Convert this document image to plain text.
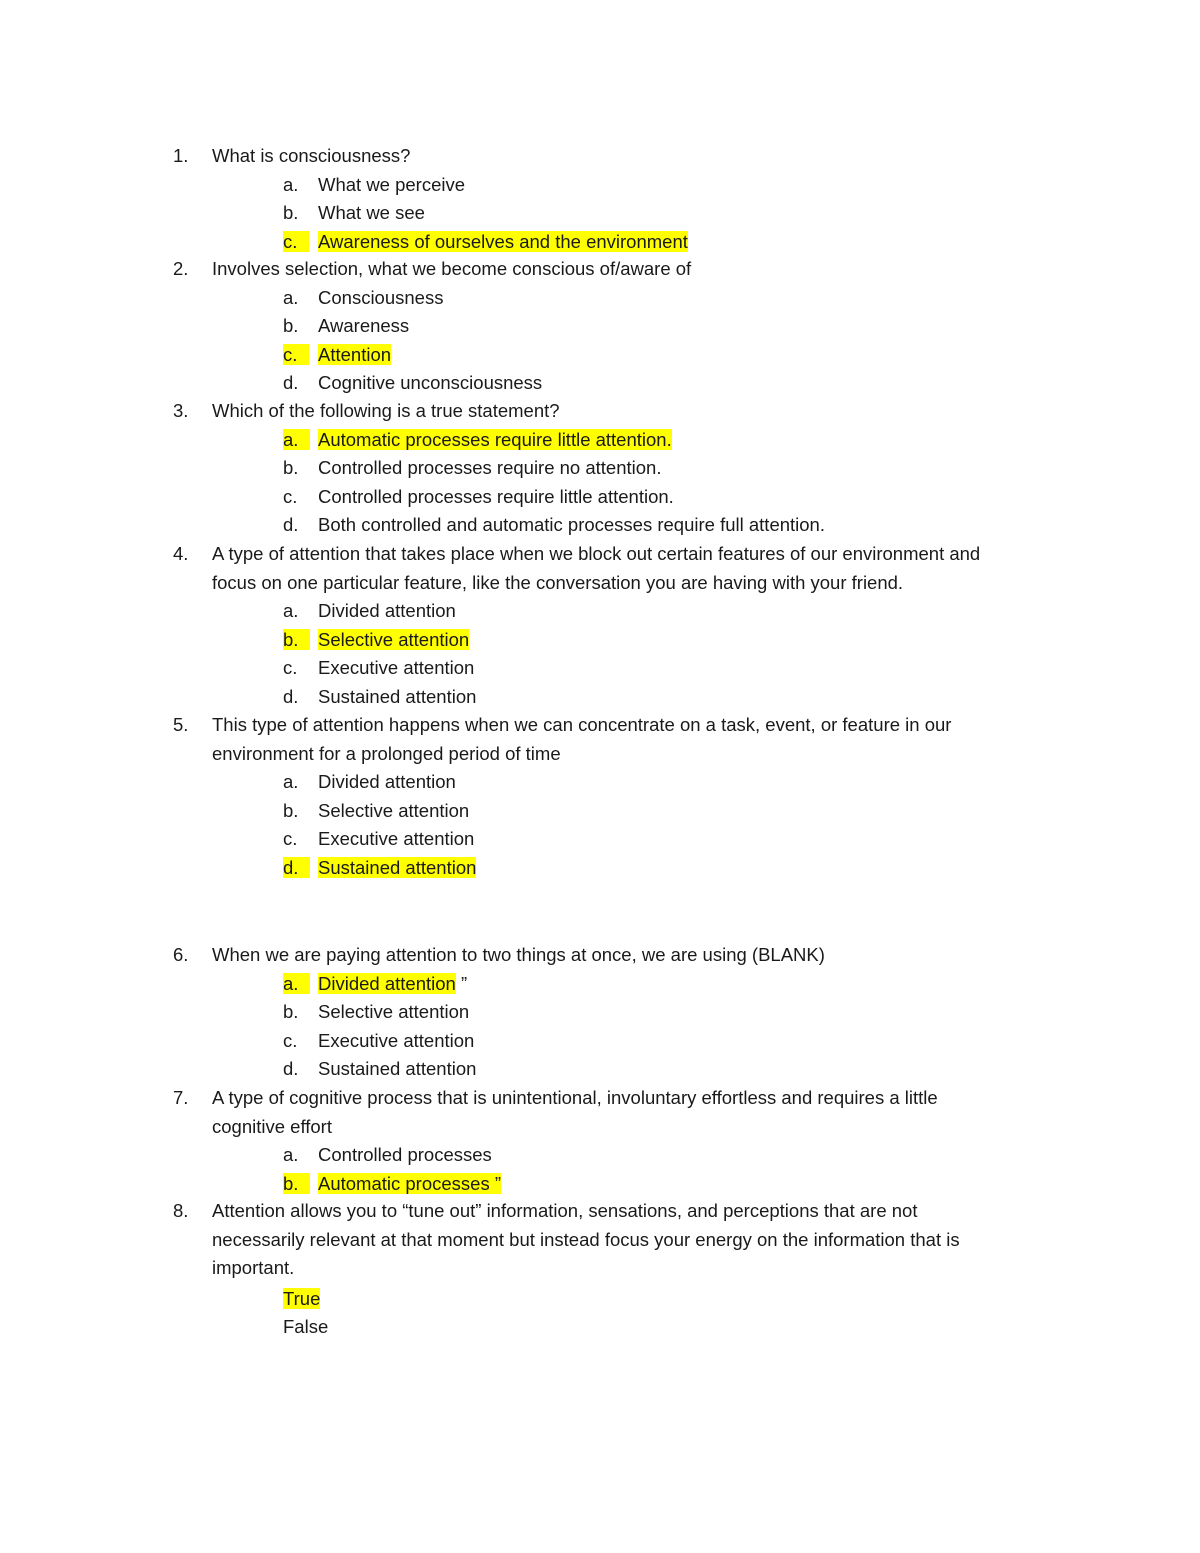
1. What is consciousness?
a. What we perceive
b. What we see
c.	Awareness of ourselves and the environment
2. Involves selection, what we become conscious of/aware of
a. Consciousness
b. Awareness
c.	Attention
d. Cognitive unconsciousness
3. Which of the following is a true statement?
a.	Automatic processes require little attention.
b. Controlled processes require no attention.
c. Controlled processes require little attention.
d. Both controlled and automatic processes require full attention.
4. A type of attention that takes place when we block out certain features of our environment and
focus on one particular feature, like the conversation you are having with your friend.
a. Divided attention
b.	Selective attention
c. Executive attention
d. Sustained attention
5. This type of attention happens when we can concentrate on a task, event, or feature in our
environment for a prolonged period of time
a. Divided attention
b. Selective attention
c. Executive attention
d.	Sustained attention
6. When we are paying attention to two things at once, we are using (BLANK)
a.	Divided attention ”
b. Selective attention
c. Executive attention
d. Sustained attention
7. A type of cognitive process that is unintentional, involuntary effortless and requires a little
cognitive effort
a. Controlled processes
b.	Automatic processes ”
8. Attention allows you to “tune out” information, sensations, and perceptions that are not
necessarily relevant at that moment but instead focus your energy on the information that is
important.
True
False
